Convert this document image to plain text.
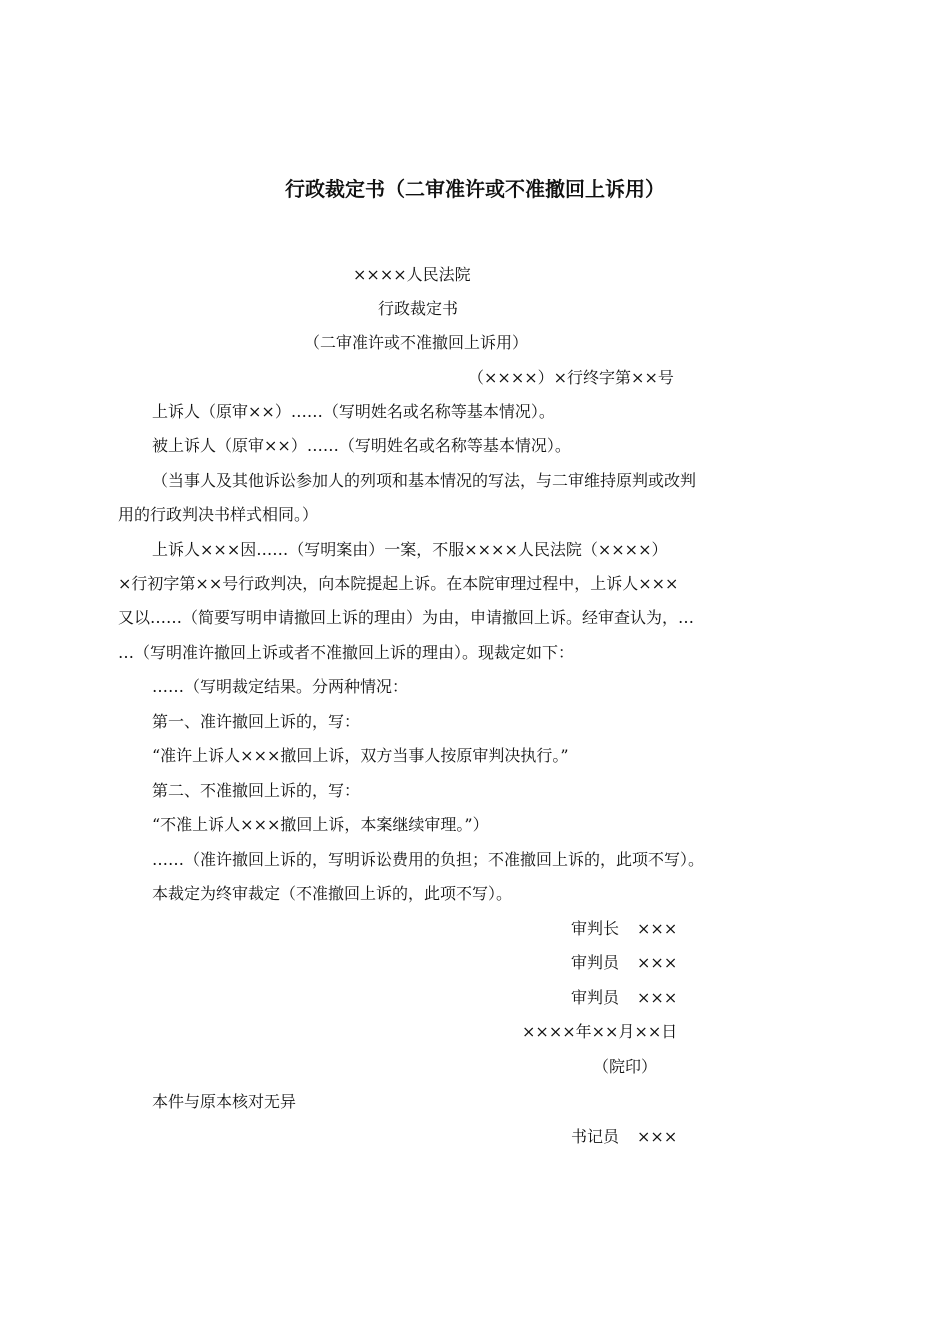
行政裁定书（二审准许或不准撤回上诉用）
××××人民法院
行政裁定书
（二审准许或不准撤回上诉用）
（××××）×行终字第××号
上诉人（原审××）……（写明姓名或名称等基本情况）。
被上诉人（原审××）……（写明姓名或名称等基本情况）。
（当事人及其他诉讼参加人的列项和基本情况的写法，与二审维持原判或改判
用的行政判决书样式相同。）
上诉人×××因……（写明案由）一案，不服××××人民法院（××××）
×行初字第××号行政判决，向本院提起上诉。在本院审理过程中，上诉人×××
又以……（简要写明申请撤回上诉的理由）为由，申请撤回上诉。经审查认为，…
…（写明准许撤回上诉或者不准撤回上诉的理由）。现裁定如下：
……（写明裁定结果。分两种情况：
第一、准许撤回上诉的，写：
“准许上诉人×××撤回上诉，双方当事人按原审判决执行。”
第二、不准撤回上诉的，写：
“不准上诉人×××撤回上诉，本案继续审理。”）
……（准许撤回上诉的，写明诉讼费用的负担；不准撤回上诉的，此项不写）。
本裁定为终审裁定（不准撤回上诉的，此项不写）。
审判长 ×××
审判员 ×××
审判员 ×××
××××年××月××日
（院印）
本件与原本核对无异
书记员 ×××
